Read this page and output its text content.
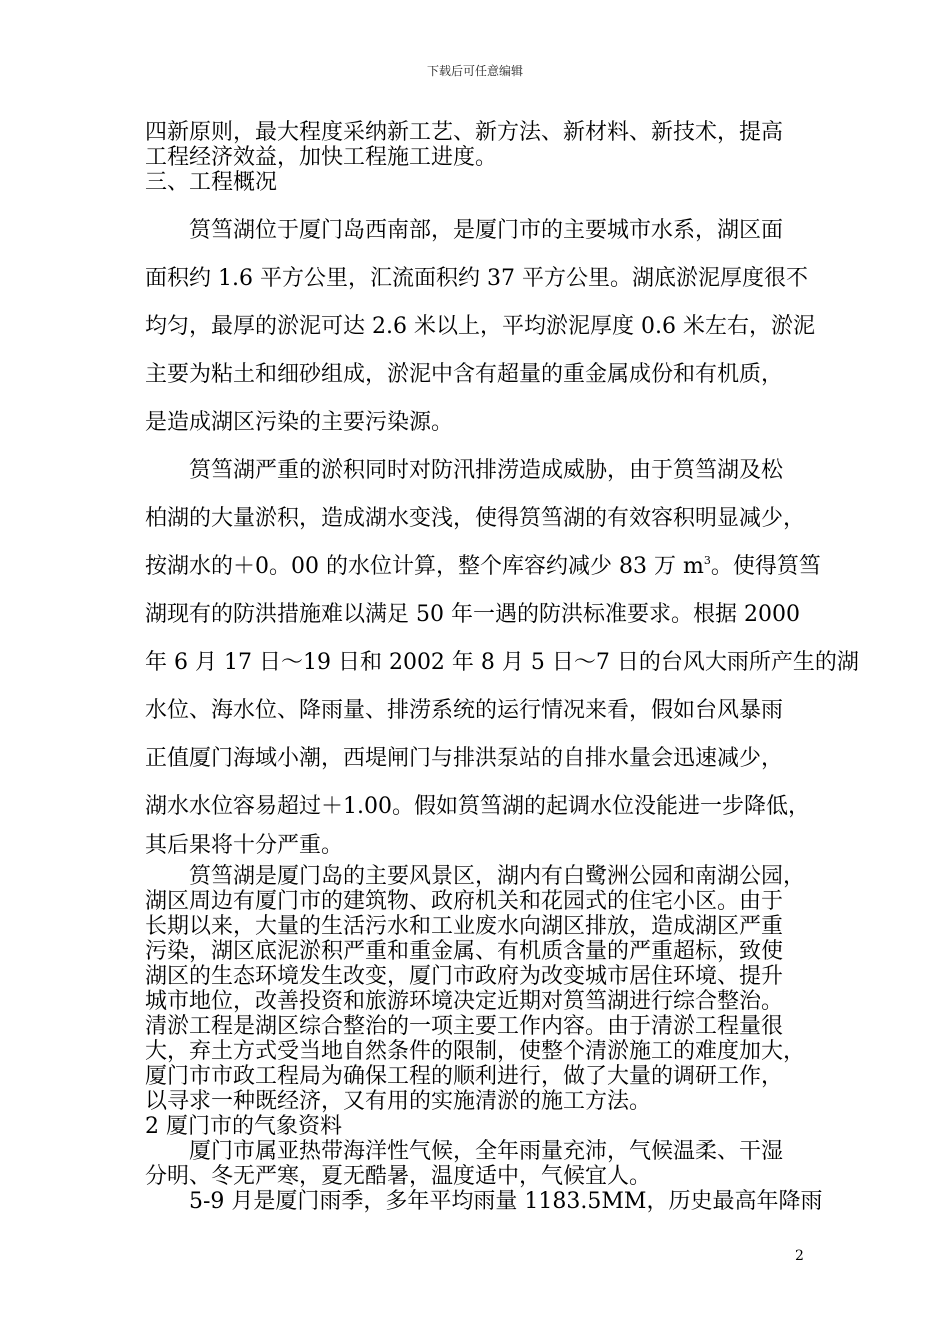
下载后可任意编辑
四新原则，最大程度采纳新工艺、新方法、新材料、新技术，提高
工程经济效益，加快工程施工进度。
三、工程概况
筼筜湖位于厦门岛西南部，是厦门市的主要城市水系，湖区面
面积约 1.6 平方公里，汇流面积约 37 平方公里。湖底淤泥厚度很不
均匀，最厚的淤泥可达 2.6 米以上，平均淤泥厚度 0.6 米左右，淤泥
主要为粘土和细砂组成，淤泥中含有超量的重金属成份和有机质，
是造成湖区污染的主要污染源。
筼筜湖严重的淤积同时对防汛排涝造成威胁，由于筼筜湖及松
柏湖的大量淤积，造成湖水变浅，使得筼筜湖的有效容积明显减少，
按湖水的＋0。00 的水位计算，整个库容约减少 83 万 $m^3$。使得筼筜
湖现有的防洪措施难以满足 50 年一遇的防洪标准要求。根据 2000
年 6 月 17 日～19 日和 2002 年 8 月 5 日～7 日的台风大雨所产生的湖
水位、海水位、降雨量、排涝系统的运行情况来看，假如台风暴雨
正值厦门海域小潮，西堤闸门与排洪泵站的自排水量会迅速减少，
湖水水位容易超过＋1.00。假如筼筜湖的起调水位没能进一步降低，
其后果将十分严重。
筼筜湖是厦门岛的主要风景区，湖内有白鹭洲公园和南湖公园，
湖区周边有厦门市的建筑物、政府机关和花园式的住宅小区。由于
长期以来，大量的生活污水和工业废水向湖区排放，造成湖区严重
污染，湖区底泥淤积严重和重金属、有机质含量的严重超标，致使
湖区的生态环境发生改变，厦门市政府为改变城市居住环境、提升
城市地位，改善投资和旅游环境决定近期对筼筜湖进行综合整治。
清淤工程是湖区综合整治的一项主要工作内容。由于清淤工程量很
大，弃土方式受当地自然条件的限制，使整个清淤施工的难度加大，
厦门市市政工程局为确保工程的顺利进行，做了大量的调研工作，
以寻求一种既经济，又有用的实施清淤的施工方法。
2 厦门市的气象资料
厦门市属亚热带海洋性气候，全年雨量充沛，气候温柔、干湿
分明、冬无严寒，夏无酷暑，温度适中，气候宜人。
5-9 月是厦门雨季，多年平均雨量 1183.5MM，历史最高年降雨
2
